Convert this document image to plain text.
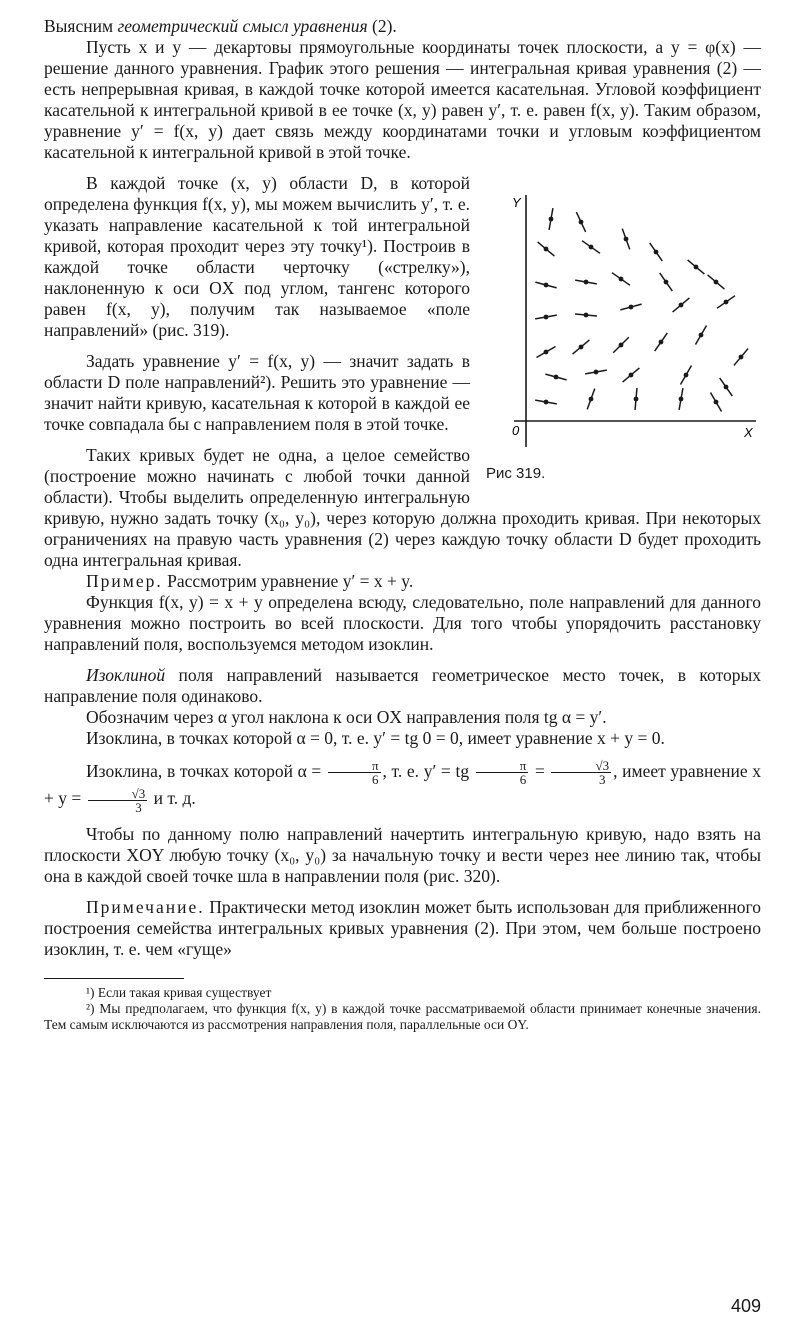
Выясним геометрический смысл уравнения (2).

Пусть x и y — декартовы прямоугольные координаты точек плоскости, а y = φ(x) — решение данного уравнения. График этого решения — интегральная кривая уравнения (2) — есть непрерывная кривая, в каждой точке которой имеется касательная. Угловой коэффициент касательной к интегральной кривой в ее точке (x, y) равен y′, т. е. равен f(x, y). Таким образом, уравнение y′ = f(x, y) дает связь между координатами точки и угловым коэффициентом касательной к интегральной кривой в этой точке.

Y
X
0
Рис 319.
В каждой точке (x, y) области D, в которой определена функция f(x, y), мы можем вычислить y′, т. е. указать направление касательной к той интегральной кривой, которая проходит через эту точку¹). Построив в каждой точке области черточку («стрелку»), наклоненную к оси OX под углом, тангенс которого равен f(x, y), получим так называемое «поле направлений» (рис. 319).

Задать уравнение y′ = f(x, y) — значит задать в области D поле направлений²). Решить это уравнение — значит найти кривую, касательная к которой в каждой ее точке совпадала бы с направлением поля в этой точке.

Таких кривых будет не одна, а целое семейство (построение можно начинать с любой точки данной области). Чтобы выделить определенную интегральную кривую, нужно задать точку (x₀, y₀), через которую должна проходить кривая. При некоторых ограничениях на правую часть уравнения (2) через каждую точку области D будет проходить одна интегральная кривая.

Пример. Рассмотрим уравнение y′ = x + y.

Функция f(x, y) = x + y определена всюду, следовательно, поле направлений для данного уравнения можно построить во всей плоскости. Для того чтобы упорядочить расстановку направлений поля, воспользуемся методом изоклин.

Изоклиной поля направлений называется геометрическое место точек, в которых направление поля одинаково.

Обозначим через α угол наклона к оси OX направления поля tg α = y′.

Изоклина, в точках которой α = 0, т. е. y′ = tg 0 = 0, имеет уравнение x + y = 0.

Изоклина, в точках которой $\alpha = \frac{\pi}{6}$ , т. е. y′ = tg $\frac{\pi}{6} = \frac{√3}{3}$ , имеет уравнение $x + y = \frac{√3}{3}$ и т. д.

Чтобы по данному полю направлений начертить интегральную кривую, надо взять на плоскости XOY любую точку (x₀, y₀) за начальную точку и вести через нее линию так, чтобы она в каждой своей точке шла в направлении поля (рис. 320).

Примечание. Практически метод изоклин может быть использован для приближенного построения семейства интегральных кривых уравнения (2). При этом, чем больше построено изоклин, т. е. чем «гуще»

¹) Если такая кривая существует

²) Мы предполагаем, что функция f(x, y) в каждой точке рассматриваемой области принимает конечные значения. Тем самым исключаются из рассмотрения направления поля, параллельные оси OY.

409
